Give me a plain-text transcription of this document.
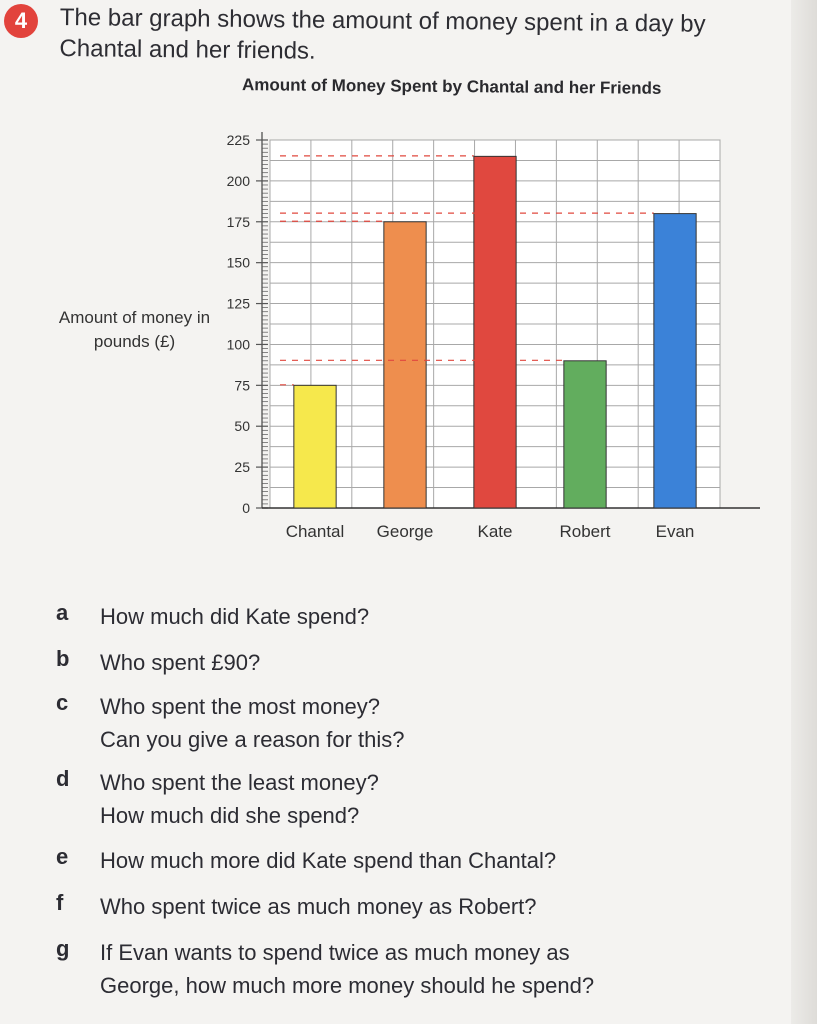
4	The bar graph shows the amount of money spent in a day by Chantal and her friends.
Amount of Money Spent by Chantal and her Friends
Amount of money in pounds (£)
0
25
50
75
100
125
150
175
200
225
Chantal George	Kate	Robert	Evan
a	How much did Kate spend?
b	Who spent £90?
c	Who spent the most money?
Can you give a reason for this?
d	Who spent the least money?
How much did she spend?
e	How much more did Kate spend than Chantal?
f	Who spent twice as much money as Robert?
g	If Evan wants to spend twice as much money as
George, how much more money should he spend?
